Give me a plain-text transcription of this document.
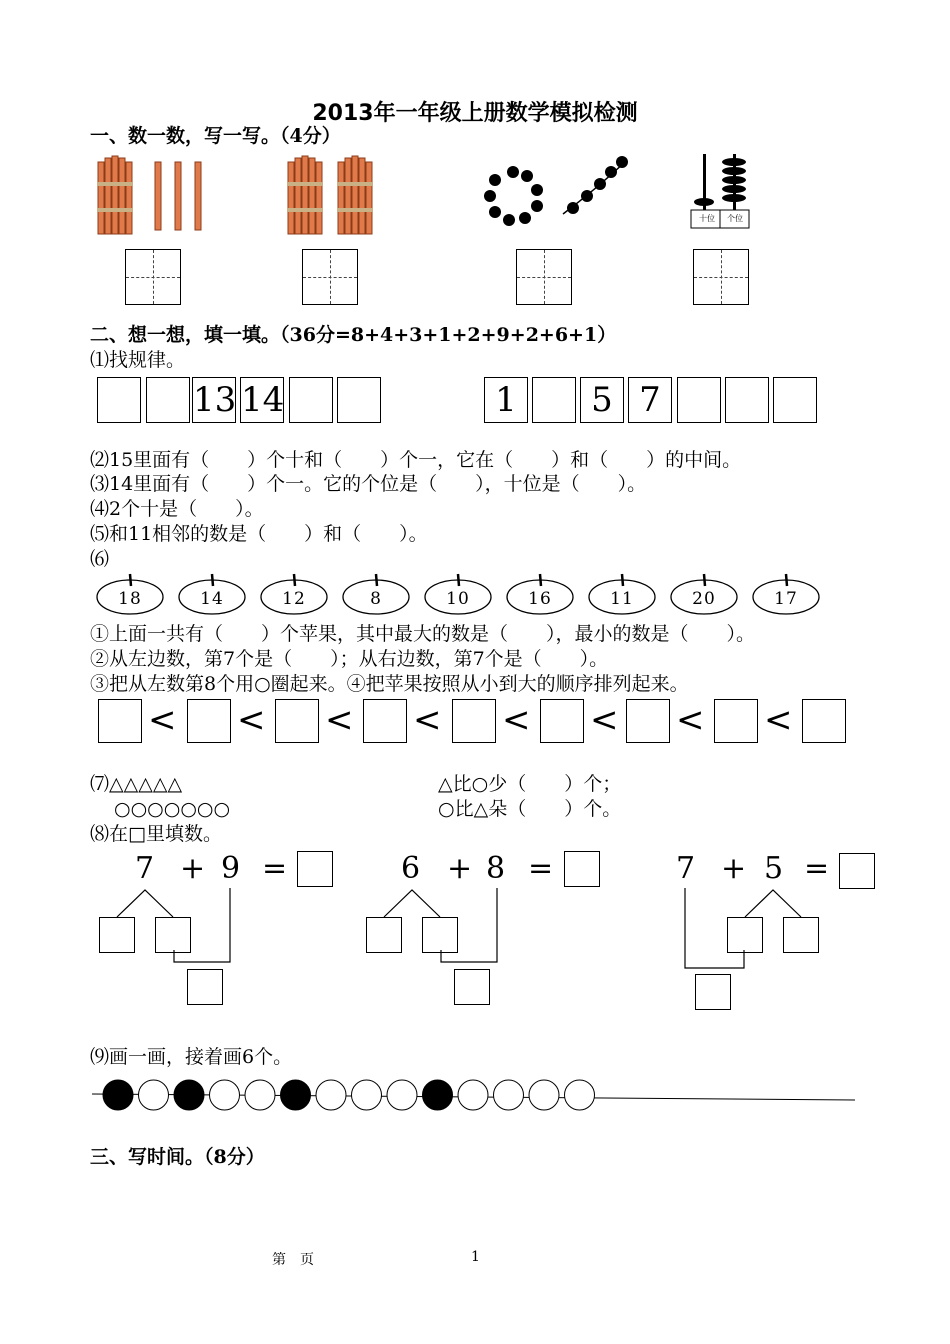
2013年一年级上册数学模拟检测
一、数一数，写一写。（4分）
十位	个位
二、想一想，填一填。（36分=8+4+3+1+2+9+2+6+1）
⑴找规律。
13 14	1	5 7
⑵15里面有（　　）个十和（　　）个一，它在（　　）和（　　）的中间。
⑶14里面有（　　）个一。它的个位是（　　），十位是（　　）。
⑷2个十是（　　）。
⑸和11相邻的数是（　　）和（　　）。
⑹
18	14	12	8	10	16	11	20	17
①上面一共有（　　）个苹果，其中最大的数是（　　），最小的数是（　　）。
②从左边数，第7个是（　　）；从右边数，第7个是（　　）。
③把从左数第8个用○圈起来。④把苹果按照从小到大的顺序排列起来。
< < < < < < < <
⑺△△△△△
○○○○○○○
△比○少（　　）个；
○比△朵（　　）个。
⑻在□里填数。
7 + 9 =	6 + 8 =	7 + 5 =
⑼画一画，接着画6个。
三、写时间。（8分）
第　页	1
